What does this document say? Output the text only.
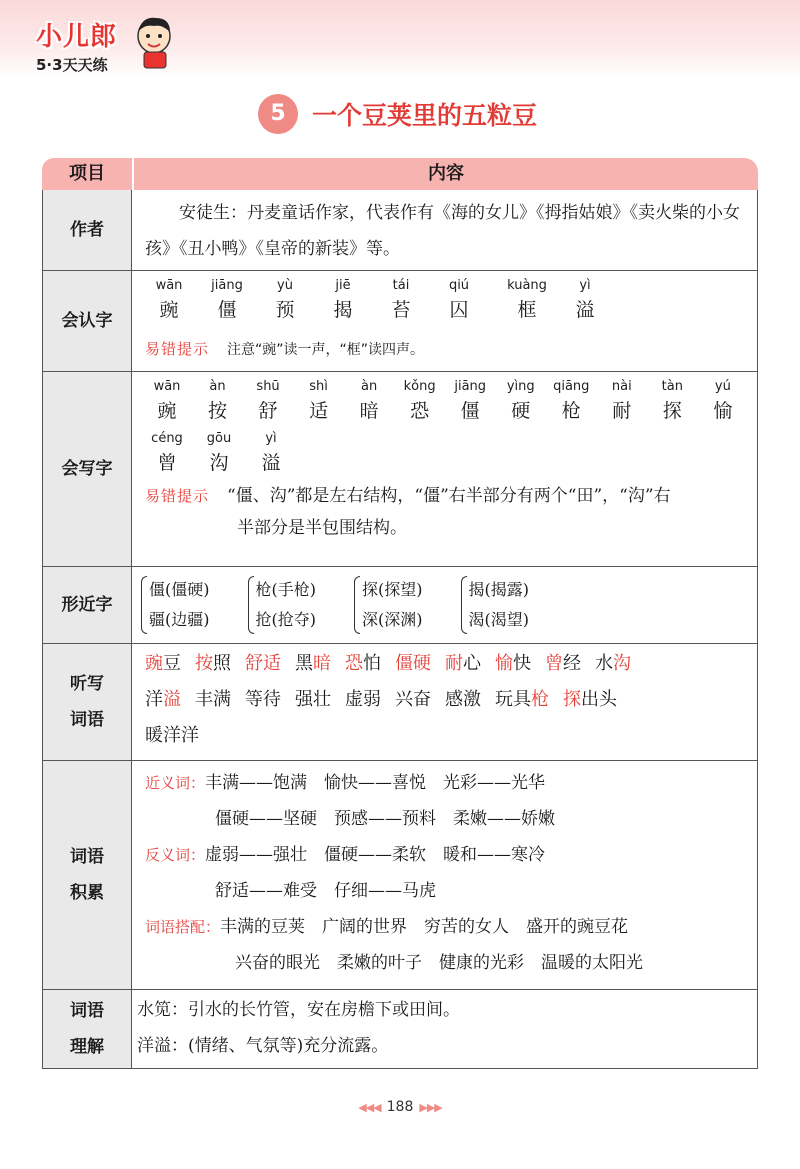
小儿郎
5·3天天练
5	一个豆荚里的五粒豆
项目	内容
作者
安徒生：丹麦童话作家，代表作有《海的女儿》《拇指姑娘》《卖火柴的小女孩》《丑小鸭》《皇帝的新装》等。
会认字
wān
豌
jiāng
僵
yù
预
jiē
揭
tái
苔
qiú
囚
kuàng
框
yì
溢
易错提示 注意“豌”读一声，“框”读四声。
会写字
wān
豌
àn
按
shū
舒
shì
适
àn
暗
kǒng
恐
jiāng
僵
yìng
硬
qiāng
枪
nài
耐
tàn
探
yú
愉
céng
曾
gōu
沟
yì
溢
易错提示 “僵、沟”都是左右结构，“僵”右半部分有两个“田”，“沟”右
半部分是半包围结构。
形近字
僵(僵硬)
疆(边疆)
枪(手枪)
抢(抢夺)
探(探望)
深(深渊)
揭(揭露)
渴(渴望)
听写
词语
豌豆 按照 舒适 黑暗 恐怕 僵硬 耐心 愉快 曾经 水沟
洋溢 丰满 等待 强壮 虚弱 兴奋 感激 玩具枪 探出头
暖洋洋
词语
积累
近义词：丰满——饱满　愉快——喜悦　光彩——光华
僵硬——坚硬　预感——预料　柔嫩——娇嫩
反义词：虚弱——强壮　僵硬——柔软　暖和——寒冷
舒适——难受　仔细——马虎
词语搭配：丰满的豆荚　广阔的世界　穷苦的女人　盛开的豌豆花
兴奋的眼光　柔嫩的叶子　健康的光彩　温暖的太阳光
词语
理解
水笕：引水的长竹管，安在房檐下或田间。
洋溢：(情绪、气氛等)充分流露。
◀◀◀ 188 ▶▶▶
